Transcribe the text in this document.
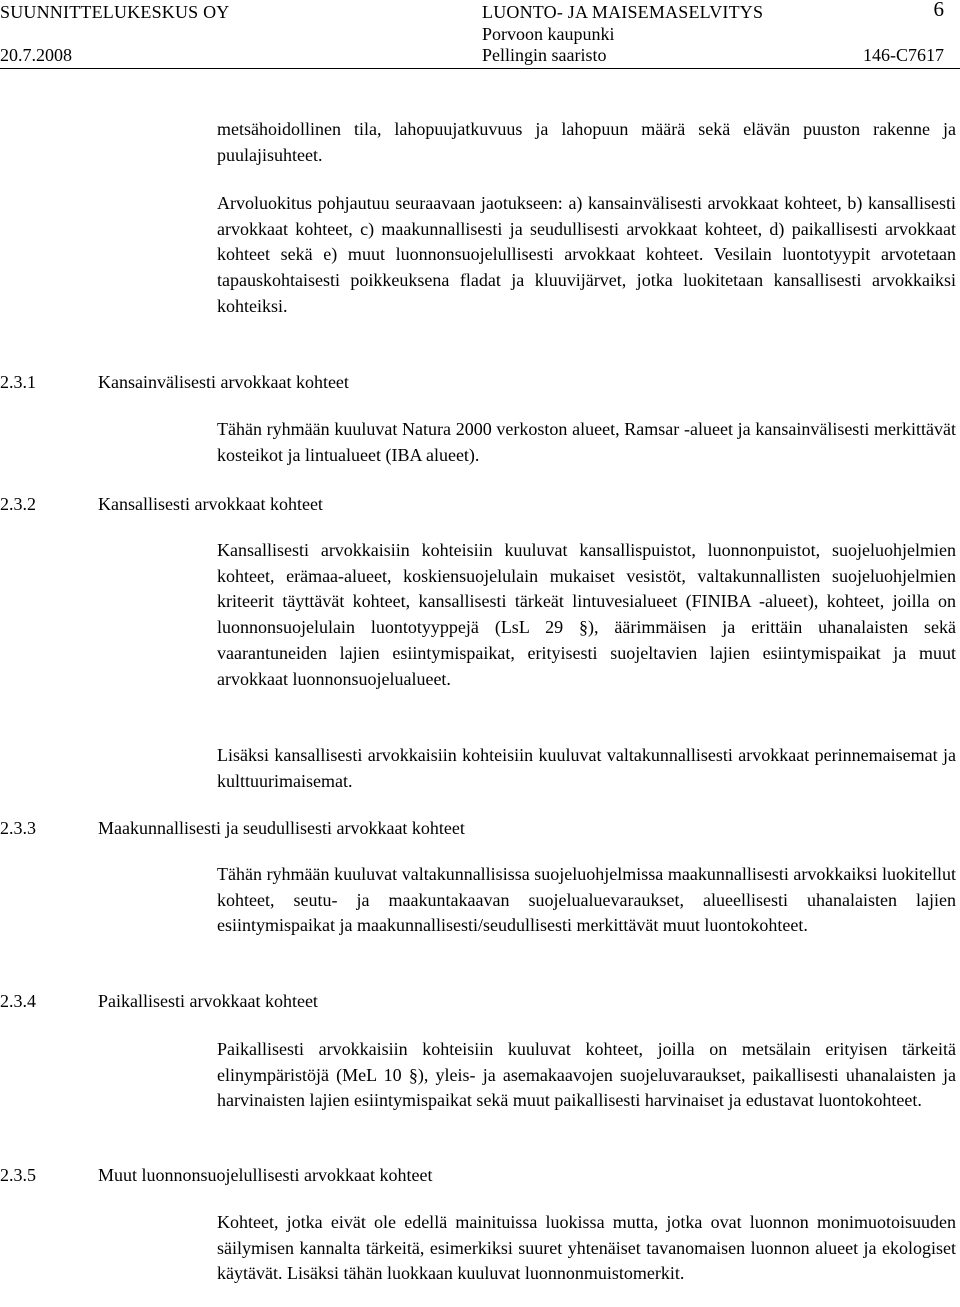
SUUNNITTELUKESKUS OY
20.7.2008
LUONTO- JA MAISEMASELVITYS
Porvoon kaupunki
Pellingin saaristo
6
146-C7617

metsähoidollinen tila, lahopuujatkuvuus ja lahopuun määrä sekä elävän puuston rakenne ja puulajisuhteet.

Arvoluokitus pohjautuu seuraavaan jaotukseen: a) kansainvälisesti arvokkaat kohteet, b) kansallisesti arvokkaat kohteet, c) maakunnallisesti ja seudullisesti arvokkaat kohteet, d) paikallisesti arvokkaat kohteet sekä e) muut luonnonsuojelullisesti arvokkaat kohteet. Vesilain luontotyypit arvotetaan tapauskohtaisesti poikkeuksena fladat ja kluuvijärvet, jotka luokitetaan kansallisesti arvokkaiksi kohteiksi.

2.3.1	Kansainvälisesti arvokkaat kohteet

Tähän ryhmään kuuluvat Natura 2000 verkoston alueet, Ramsar -alueet ja kansainvälisesti merkittävät kosteikot ja lintualueet (IBA alueet).

2.3.2	Kansallisesti arvokkaat kohteet

Kansallisesti arvokkaisiin kohteisiin kuuluvat kansallispuistot, luonnonpuistot, suojeluohjelmien kohteet, erämaa-alueet, koskiensuojelulain mukaiset vesistöt, valtakunnallisten suojeluohjelmien kriteerit täyttävät kohteet, kansallisesti tärkeät lintuvesialueet (FINIBA -alueet), kohteet, joilla on luonnonsuojelulain luontotyyppejä (LsL 29 §), äärimmäisen ja erittäin uhanalaisten sekä vaarantuneiden lajien esiintymispaikat, erityisesti suojeltavien lajien esiintymispaikat ja muut arvokkaat luonnonsuojelualueet.

Lisäksi kansallisesti arvokkaisiin kohteisiin kuuluvat valtakunnallisesti arvokkaat perinnemaisemat ja kulttuurimaisemat.

2.3.3	Maakunnallisesti ja seudullisesti arvokkaat kohteet

Tähän ryhmään kuuluvat valtakunnallisissa suojeluohjelmissa maakunnallisesti arvokkaiksi luokitellut kohteet, seutu- ja maakuntakaavan suojelualuevaraukset, alueellisesti uhanalaisten lajien esiintymispaikat ja maakunnallisesti/seudullisesti merkittävät muut luontokohteet.

2.3.4	Paikallisesti arvokkaat kohteet

Paikallisesti arvokkaisiin kohteisiin kuuluvat kohteet, joilla on metsälain erityisen tärkeitä elinympäristöjä (MeL 10 §), yleis- ja asemakaavojen suojeluvaraukset, paikallisesti uhanalaisten ja harvinaisten lajien esiintymispaikat sekä muut paikallisesti harvinaiset ja edustavat luontokohteet.

2.3.5	Muut luonnonsuojelullisesti arvokkaat kohteet

Kohteet, jotka eivät ole edellä mainituissa luokissa mutta, jotka ovat luonnon monimuotoisuuden säilymisen kannalta tärkeitä, esimerkiksi suuret yhtenäiset tavanomaisen luonnon alueet ja ekologiset käytävät. Lisäksi tähän luokkaan kuuluvat luonnonmuistomerkit.
